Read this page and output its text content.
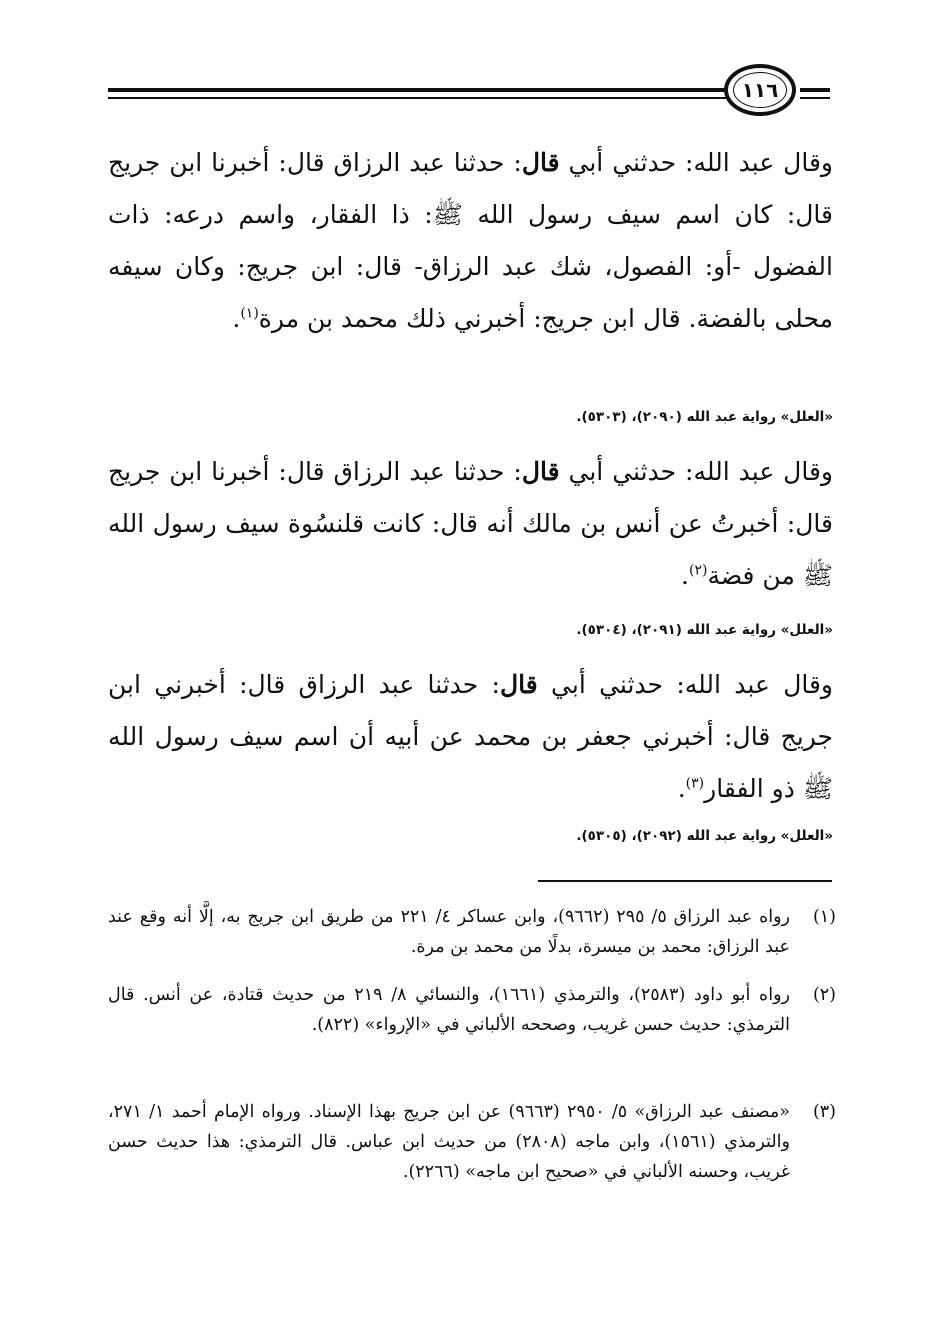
١١٦
وقال عبد الله: حدثني أبي قال: حدثنا عبد الرزاق قال: أخبرنا ابن جريج قال: كان اسم سيف رسول الله ﷺ: ذا الفقار، واسم درعه: ذات الفضول -أو: الفصول، شك عبد الرزاق- قال: ابن جريج: وكان سيفه محلى بالفضة. قال ابن جريج: أخبرني ذلك محمد بن مرة$^{(١)}$.
«العلل» رواية عبد الله (٢٠٩٠)، (٥٣٠٣).
وقال عبد الله: حدثني أبي قال: حدثنا عبد الرزاق قال: أخبرنا ابن جريج قال: أخبرتُ عن أنس بن مالك أنه قال: كانت قلنسُوة سيف رسول الله ﷺ من فضة$^{(٢)}$.
«العلل» رواية عبد الله (٢٠٩١)، (٥٣٠٤).
وقال عبد الله: حدثني أبي قال: حدثنا عبد الرزاق قال: أخبرني ابن جريج قال: أخبرني جعفر بن محمد عن أبيه أن اسم سيف رسول الله ﷺ ذو الفقار$^{(٣)}$.
«العلل» رواية عبد الله (٢٠٩٢)، (٥٣٠٥).
(١)
رواه عبد الرزاق ٥/ ٢٩٥ (٩٦٦٢)، وابن عساكر ٤/ ٢٢١ من طريق ابن جريج به، إلَّا أنه وقع عند عبد الرزاق: محمد بن ميسرة، بدلًا من محمد بن مرة.
(٢)
رواه أبو داود (٢٥٨٣)، والترمذي (١٦٦١)، والنسائي ٨/ ٢١٩ من حديث قتادة، عن أنس. قال الترمذي: حديث حسن غريب، وصححه الألباني في «الإرواء» (٨٢٢).
(٣)
«مصنف عبد الرزاق» ٥/ ٢٩٥٠ (٩٦٦٣) عن ابن جريج بهذا الإسناد. ورواه الإمام أحمد ١/ ٢٧١، والترمذي (١٥٦١)، وابن ماجه (٢٨٠٨) من حديث ابن عباس. قال الترمذي: هذا حديث حسن غريب، وحسنه الألباني في «صحيح ابن ماجه» (٢٢٦٦).
